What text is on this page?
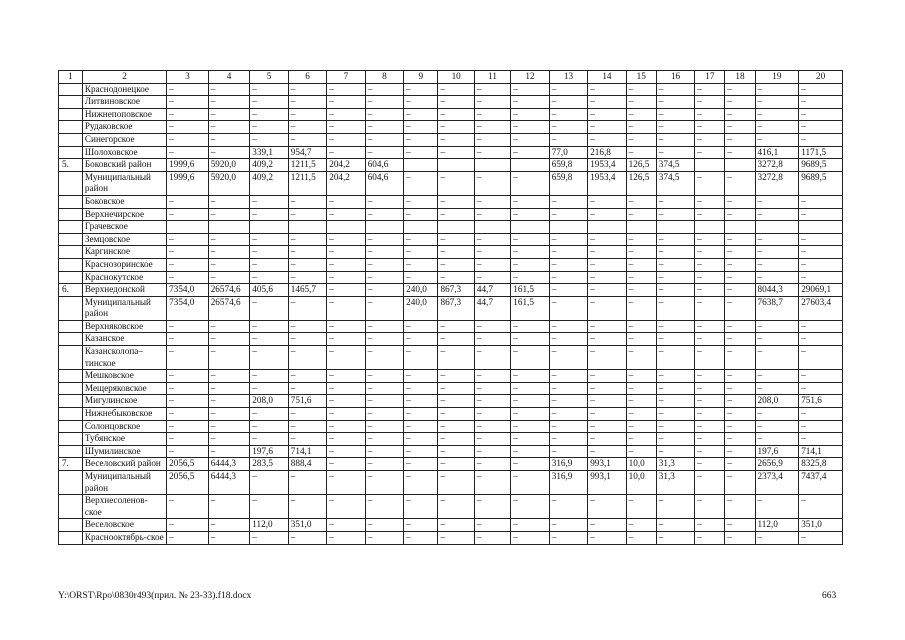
1	2	3	4	5	6	7	8	9	10	11	12	13	14	15	16	17	18	19	20
	Краснодонецкое	–	–	–	–	–	–	–	–	–	–	–	–	–	–	–	–	–	–
	Литвиновское	–	–	–	–	–	–	–	–	–	–	–	–	–	–	–	–	–	–
	Нижнепоповское	–	–	–	–	–	–	–	–	–	–	–	–	–	–	–	–	–	–
	Рудаковское	–	–	–	–	–	–	–	–	–	–	–	–	–	–	–	–	–	–
	Синегорское	–	–	–	–	–	–	–	–	–	–	–	–	–	–	–	–	–	–
	Шолоховское	–	–	339,1	954,7	–	–	–	–	–	–	77,0	216,8	–	–	–	–	416,1	1171,5
5.	Боковский район	1999,6	5920,0	409,2	1211,5	204,2	604,6					659,8	1953,4	126,5	374,5			3272,8	9689,5
	Муниципальный район	1999,6	5920,0	409,2	1211,5	204,2	604,6	–	–	–	–	659,8	1953,4	126,5	374,5	–	–	3272,8	9689,5
	Боковское	–	–	–	–	–	–	–	–	–	–	–	–	–	–	–	–	–	–
	Верхнечирское	–	–	–	–	–	–	–	–	–	–	–	–	–	–	–	–	–	–
	Грачевское																		
	Земцовское	–	–	–	–	–	–	–	–	–	–	–	–	–	–	–	–	–	–
	Каргинское	–	–	–	–	–	–	–	–	–	–	–	–	–	–	–	–	–	–
	Краснозоринское	–	–	–	–	–	–	–	–	–	–	–	–	–	–	–	–	–	–
	Краснокутское	–	–	–	–	–	–	–	–	–	–	–	–	–	–	–	–	–	–
6.	Верхнедонской	7354,0	26574,6	405,6	1465,7	–	–	240,0	867,3	44,7	161,5	–	–	–	–	–	–	8044,3	29069,1
	Муниципальный район	7354,0	26574,6	–	–	–	–	240,0	867,3	44,7	161,5	–	–	–	–	–	–	7638,7	27603,4
	Верхняковское	–	–	–	–	–	–	–	–	–	–	–	–	–	–	–	–	–	–
	Казанское	–	–	–	–	–	–	–	–	–	–	–	–	–	–	–	–	–	–
	Казансколопа–тинское	–	–	–	–	–	–	–	–	–	–	–	–	–	–	–	–	–	–
	Мешковское	–	–	–	–	–	–	–	–	–	–	–	–	–	–	–	–	–	–
	Мещеряковское	–	–	–	–	–	–	–	–	–	–	–	–	–	–	–	–	–	–
	Мигулинское	–	–	208,0	751,6	–	–	–	–	–	–	–	–	–	–	–	–	208,0	751,6
	Нижнебыковское	–	–	–	–	–	–	–	–	–	–	–	–	–	–	–	–	–	–
	Солонцовское	–	–	–	–	–	–	–	–	–	–	–	–	–	–	–	–	–	–
	Тубянское	–	–	–	–	–	–	–	–	–	–	–	–	–	–	–	–	–	–
	Шумилинское	–	–	197,6	714,1	–	–	–	–	–	–	–	–	–	–	–	–	197,6	714,1
7.	Веселовский район	2056,5	6444,3	283,5	888,4	–	–	–	–	–	–	316,9	993,1	10,0	31,3	–	–	2656,9	8325,8
	Муниципальный район	2056,5	6444,3	–	–	–	–	–	–	–	–	316,9	993,1	10,0	31,3	–	–	2373,4	7437,4
	Верхнесоленов-ское	–	–	–	–	–	–	–	–	–	–	–	–	–	–	–	–	–	–
	Веселовское	–	–	112,0	351,0	–	–	–	–	–	–	–	–	–	–	–	–	112,0	351,0
	Краснооктябрь-ское	–	–	–	–	–	–	–	–	–	–	–	–	–	–	–	–	–	–
Y:\ORST\Rpo\0830r493(прил. № 23-33).f18.docx	663
